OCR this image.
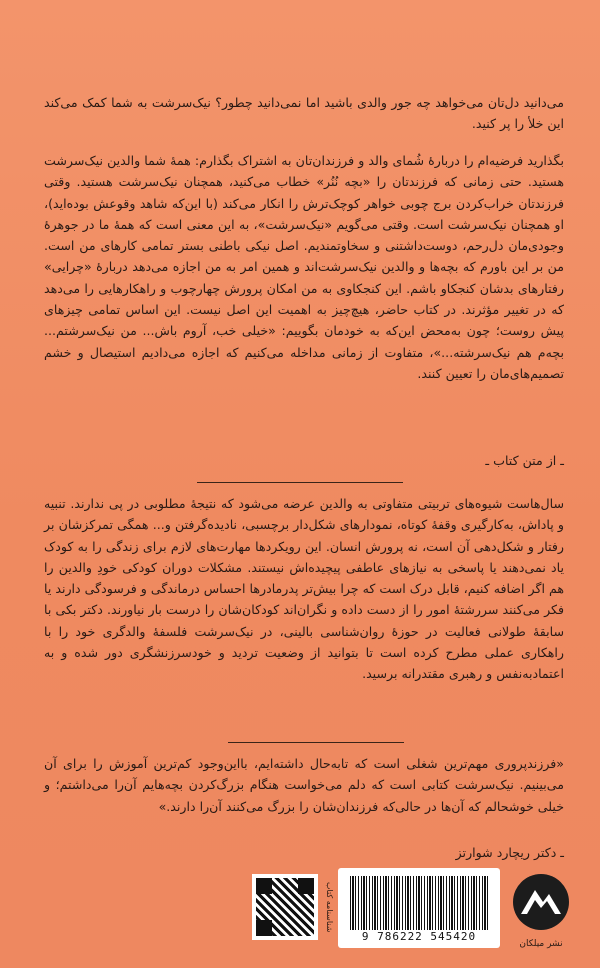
می‌دانید دل‌تان می‌خواهد چه جور والدی باشید اما نمی‌دانید چطور؟ نیک‌سرشت به شما کمک می‌کند این خلأ را پر کنید.

بگذارید فرضیه‌ام را دربارهٔ شُمای والد و فرزندان‌تان به اشتراک بگذارم: همهٔ شما والدین نیک‌سرشت هستید. حتی زمانی که فرزندتان را «بچه نُنُر» خطاب می‌کنید، همچنان نیک‌سرشت هستید. وقتی فرزندتان خراب‌کردن برج چوبی خواهر کوچک‌ترش را انکار می‌کند (با این‌که شاهد وقوعش بوده‌اید)، او همچنان نیک‌سرشت است. وقتی می‌گویم «نیک‌سرشت»، به این معنی است که همهٔ ما در جوهرهٔ وجودی‌مان دل‌رحم، دوست‌داشتنی و سخاوتمندیم. اصل نیکی باطنی بستر تمامی کارهای من است. من بر این باورم که بچه‌ها و والدین نیک‌سرشت‌اند و همین امر به من اجازه می‌دهد دربارهٔ «چرایی» رفتارهای بدشان کنجکاو باشم. این کنجکاوی به من امکان پرورش چهارچوب و راهکارهایی را می‌دهد که در تغییر مؤثرند. در کتاب حاضر، هیچ‌چیز به اهمیت این اصل نیست. این اساس تمامی چیزهای پیش روست؛ چون به‌محض این‌که به خودمان بگوییم: «خیلی خب، آروم باش... من نیک‌سرشتم... بچه‌م هم نیک‌سرشته...»، متفاوت از زمانی مداخله می‌کنیم که اجازه می‌دادیم استیصال و خشم تصمیم‌های‌مان را تعیین کنند.

ـ از متن کتاب ـ

سال‌هاست شیوه‌های تربیتی متفاوتی به والدین عرضه می‌شود که نتیجهٔ مطلوبی در پی ندارند. تنبیه و پاداش، به‌کارگیری وقفهٔ کوتاه، نمودارهای شکل‌دار برچسبی، نادیده‌گرفتن و... همگی تمرکزشان بر رفتار و شکل‌دهی آن است، نه پرورش انسان. این رویکردها مهارت‌های لازم برای زندگی را به کودک یاد نمی‌دهند یا پاسخی به نیازهای عاطفی پیچیده‌اش نیستند. مشکلات دوران کودکی خودِ والدین را هم اگر اضافه کنیم، قابل درک است که چرا بیش‌تر پدرمادرها احساس درماندگی و فرسودگی دارند یا فکر می‌کنند سررشتهٔ امور را از دست داده و نگران‌اند کودکان‌شان را درست بار نیاورند. دکتر بکی با سابقهٔ طولانی فعالیت در حوزهٔ روان‌شناسی بالینی، در نیک‌سرشت فلسفهٔ والدگری خود را با راهکاری عملی مطرح کرده است تا بتوانید از وضعیت تردید و خودسرزنشگری دور شده و به اعتمادبه‌نفس و رهبری مقتدرانه برسید.

«فرزندپروری مهم‌ترین شغلی است که تابه‌حال داشته‌ایم، بااین‌وجود کم‌ترین آموزش را برای آن می‌بینیم. نیک‌سرشت کتابی است که دلم می‌خواست هنگام بزرگ‌کردن بچه‌هایم آن‌را می‌داشتم؛ و خیلی خوشحالم که آن‌ها در حالی‌که فرزندان‌شان را بزرگ می‌کنند آن‌را دارند.»

ـ دکتر ریچارد شوارتز
شناسنامه کتاب
9 786222 545420
نشر میلکان
